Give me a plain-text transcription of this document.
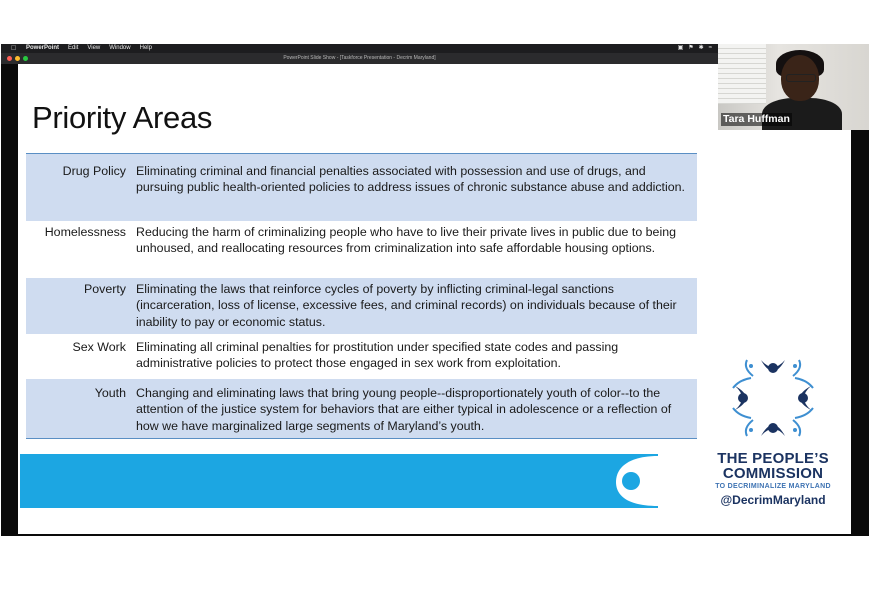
PowerPoint Edit View Window Help	▣ ⚑ ✱ ≈
PowerPoint Slide Show - [Taskforce Presentation - Decrim Maryland]
Priority Areas
Drug Policy Eliminating criminal and financial penalties associated with possession and use of drugs, and pursuing public health-oriented policies to address issues of chronic substance abuse and addiction.
Homelessness Reducing the harm of criminalizing people who have to live their private lives in public due to being unhoused, and reallocating resources from criminalization into safe affordable housing options.
Poverty Eliminating the laws that reinforce cycles of poverty by inflicting criminal-legal sanctions (incarceration, loss of license, excessive fees, and criminal records) on individuals because of their inability to pay or economic status.
Sex Work Eliminating all criminal penalties for prostitution under specified state codes and passing administrative policies to protect those engaged in sex work from exploitation.
Youth Changing and eliminating laws that bring young people--disproportionately youth of color--to the attention of the justice system for behaviors that are either typical in adolescence or a reflection of how we have marginalized large segments of Maryland’s youth.
THE PEOPLE’S
COMMISSION
TO DECRIMINALIZE MARYLAND
@DecrimMaryland
Tara Huffman
